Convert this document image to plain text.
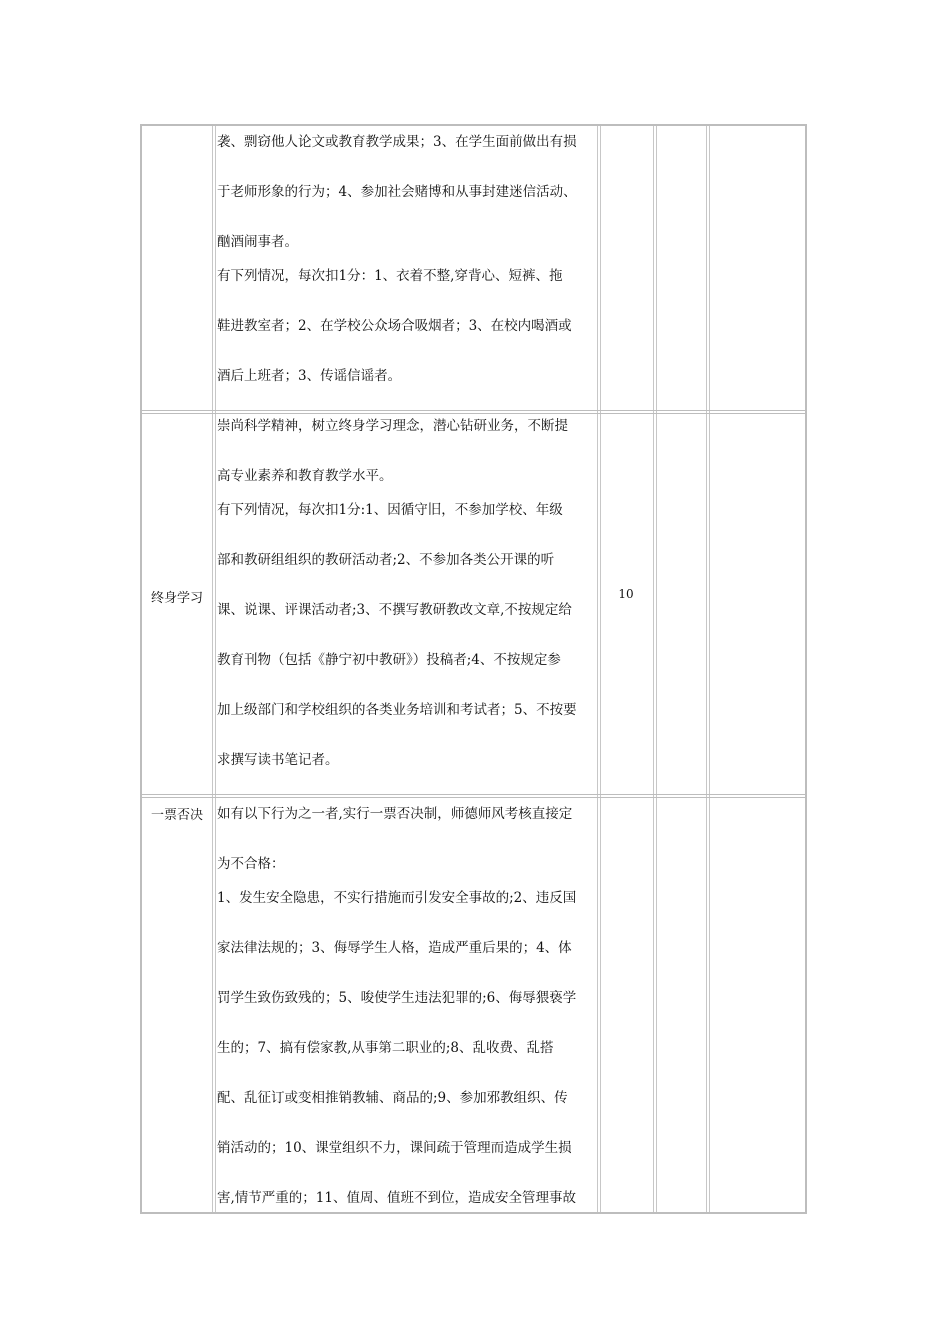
袭、剽窃他人论文或教育教学成果；3、在学生面前做出有损

于老师形象的行为；4、参加社会赌博和从事封建迷信活动、

酗酒闹事者。

有下列情况，每次扣1分：1、衣着不整,穿背心、短裤、拖

鞋进教室者；2、在学校公众场合吸烟者；3、在校内喝酒或

酒后上班者；3、传谣信谣者。

终身学习

崇尚科学精神，树立终身学习理念，潜心钻研业务，不断提

高专业素养和教育教学水平。

有下列情况，每次扣1分:1、因循守旧，不参加学校、年级

部和教研组组织的教研活动者;2、不参加各类公开课的听

课、说课、评课活动者;3、不撰写教研教改文章,不按规定给

教育刊物（包括《静宁初中教研》）投稿者;4、不按规定参

加上级部门和学校组织的各类业务培训和考试者；5、不按要

求撰写读书笔记者。

10
一票否决	如有以下行为之一者,实行一票否决制，师德师风考核直接定

为不合格：

1、发生安全隐患，不实行措施而引发安全事故的;2、违反国

家法律法规的；3、侮辱学生人格，造成严重后果的；4、体

罚学生致伤致残的；5、唆使学生违法犯罪的;6、侮辱猥亵学

生的；7、搞有偿家教,从事第二职业的;8、乱收费、乱搭

配、乱征订或变相推销教辅、商品的;9、参加邪教组织、传

销活动的；10、课堂组织不力，课间疏于管理而造成学生损

害,情节严重的；11、值周、值班不到位，造成安全管理事故
